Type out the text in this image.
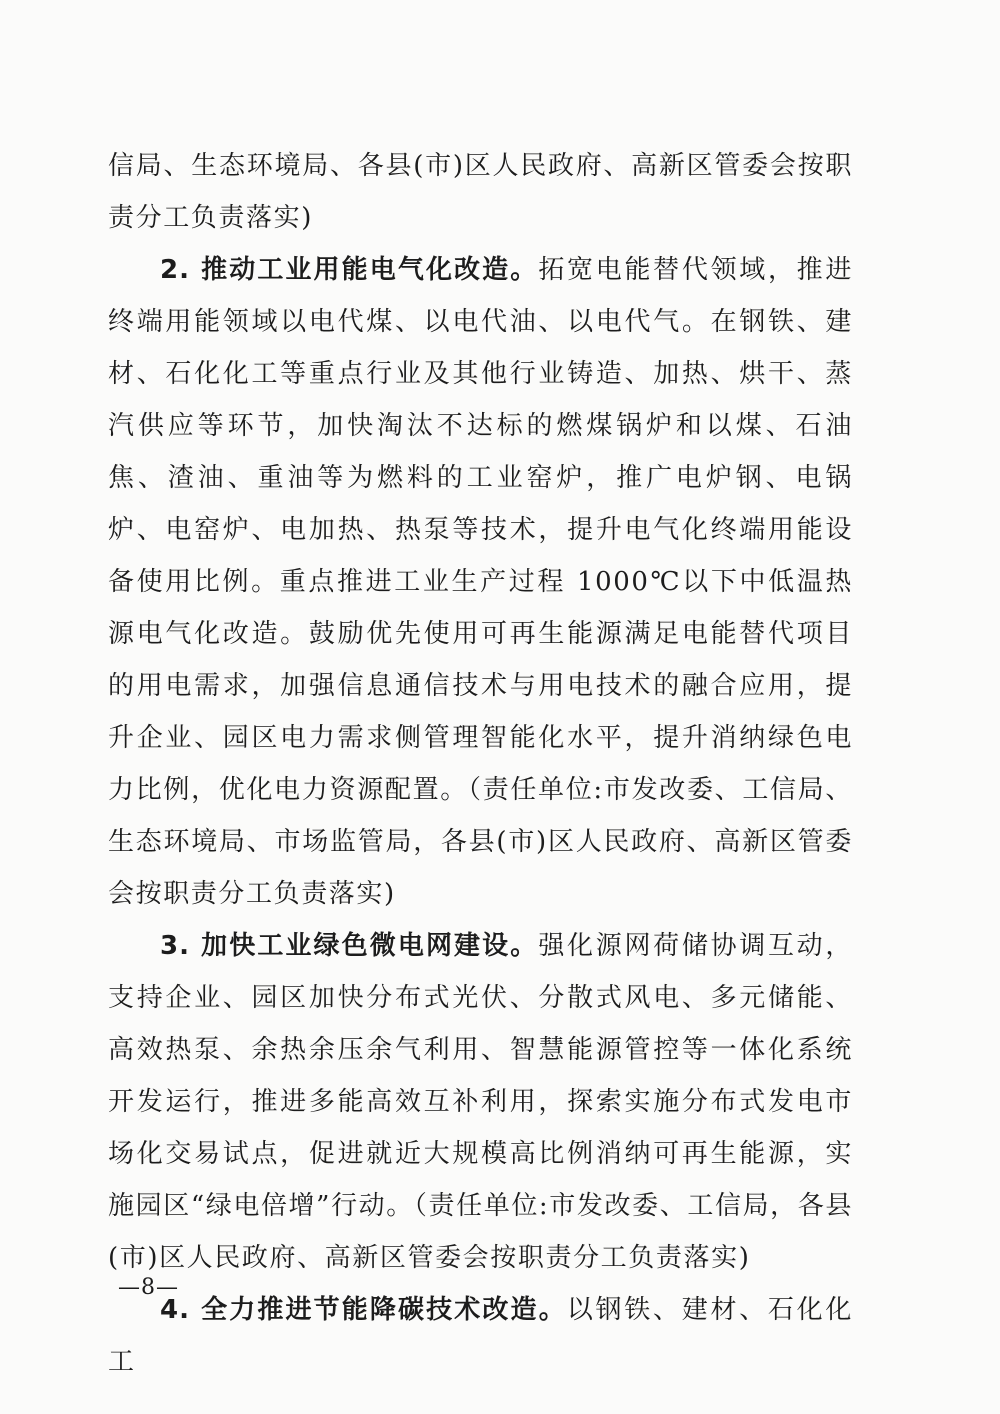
信局、生态环境局、各县(市)区人民政府、高新区管委会按职责分工负责落实)

2. 推动工业用能电气化改造。拓宽电能替代领域，推进终端用能领域以电代煤、以电代油、以电代气。在钢铁、建材、石化化工等重点行业及其他行业铸造、加热、烘干、蒸汽供应等环节，加快淘汰不达标的燃煤锅炉和以煤、石油焦、渣油、重油等为燃料的工业窑炉，推广电炉钢、电锅炉、电窑炉、电加热、热泵等技术，提升电气化终端用能设备使用比例。重点推进工业生产过程 1000℃以下中低温热源电气化改造。鼓励优先使用可再生能源满足电能替代项目的用电需求，加强信息通信技术与用电技术的融合应用，提升企业、园区电力需求侧管理智能化水平，提升消纳绿色电力比例，优化电力资源配置。（责任单位:市发改委、工信局、生态环境局、市场监管局，各县(市)区人民政府、高新区管委会按职责分工负责落实)

3. 加快工业绿色微电网建设。强化源网荷储协调互动，支持企业、园区加快分布式光伏、分散式风电、多元储能、高效热泵、余热余压余气利用、智慧能源管控等一体化系统开发运行，推进多能高效互补利用，探索实施分布式发电市场化交易试点，促进就近大规模高比例消纳可再生能源，实施园区“绿电倍增”行动。（责任单位:市发改委、工信局，各县(市)区人民政府、高新区管委会按职责分工负责落实)

4. 全力推进节能降碳技术改造。以钢铁、建材、石化化工

—8—
